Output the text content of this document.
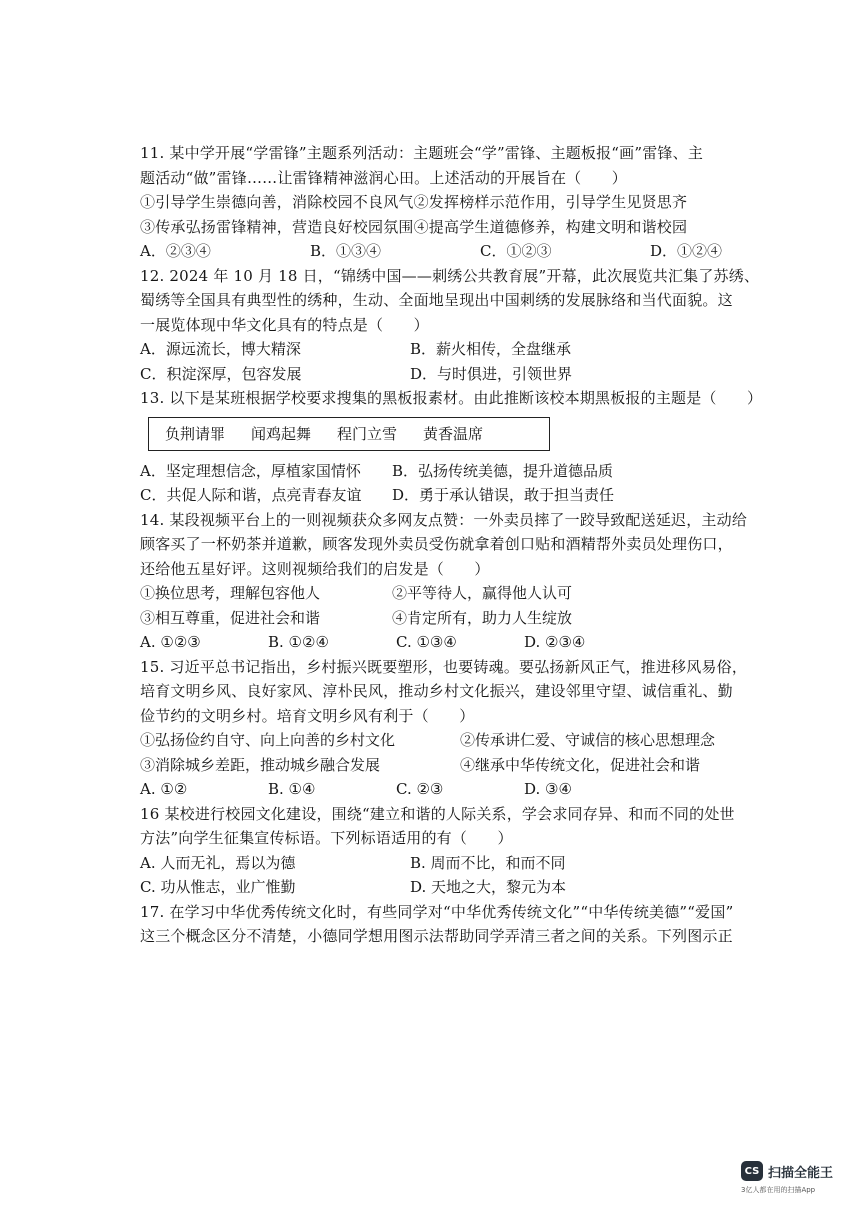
11. 某中学开展“学雷锋”主题系列活动：主题班会“学”雷锋、主题板报“画”雷锋、主
题活动“做”雷锋……让雷锋精神滋润心田。上述活动的开展旨在（　　）
①引导学生崇德向善，消除校园不良风气②发挥榜样示范作用，引导学生见贤思齐
③传承弘扬雷锋精神，营造良好校园氛围④提高学生道德修养，构建文明和谐校园
A．②③④	B．①③④	C．①②③	D．①②④
12. 2024 年 10 月 18 日，“锦绣中国——刺绣公共教育展”开幕，此次展览共汇集了苏绣、
蜀绣等全国具有典型性的绣种，生动、全面地呈现出中国刺绣的发展脉络和当代面貌。这
一展览体现中华文化具有的特点是（　　）
A．源远流长，博大精深	B．薪火相传，全盘继承
C．积淀深厚，包容发展	D．与时俱进，引领世界
13. 以下是某班根据学校要求搜集的黑板报素材。由此推断该校本期黑板报的主题是（　　）
负荆请罪 闻鸡起舞 程门立雪 黄香温席
A．坚定理想信念，厚植家国情怀	B．弘扬传统美德，提升道德品质
C．共促人际和谐，点亮青春友谊	D．勇于承认错误，敢于担当责任
14. 某段视频平台上的一则视频获众多网友点赞：一外卖员摔了一跤导致配送延迟，主动给
顾客买了一杯奶茶并道歉，顾客发现外卖员受伤就拿着创口贴和酒精帮外卖员处理伤口，
还给他五星好评。这则视频给我们的启发是（　　）
①换位思考，理解包容他人	②平等待人，赢得他人认可
③相互尊重，促进社会和谐	④肯定所有，助力人生绽放
A. ①②③	B. ①②④	C. ①③④	D. ②③④
15. 习近平总书记指出，乡村振兴既要塑形，也要铸魂。要弘扬新风正气，推进移风易俗，
培育文明乡风、良好家风、淳朴民风，推动乡村文化振兴，建设邻里守望、诚信重礼、勤
俭节约的文明乡村。培育文明乡风有利于（　　）
①弘扬俭约自守、向上向善的乡村文化	②传承讲仁爱、守诚信的核心思想理念
③消除城乡差距，推动城乡融合发展	④继承中华传统文化，促进社会和谐
A. ①②	B. ①④	C. ②③	D. ③④
16 某校进行校园文化建设，围绕“建立和谐的人际关系，学会求同存异、和而不同的处世
方法”向学生征集宣传标语。下列标语适用的有（　　）
A. 人而无礼，焉以为德	B. 周而不比，和而不同
C. 功从惟志，业广惟勤	D. 天地之大，黎元为本
17. 在学习中华优秀传统文化时，有些同学对“中华优秀传统文化”“中华传统美德”“爱国”
这三个概念区分不清楚，小德同学想用图示法帮助同学弄清三者之间的关系。下列图示正
CS 扫描全能王
3亿人都在用的扫描App
